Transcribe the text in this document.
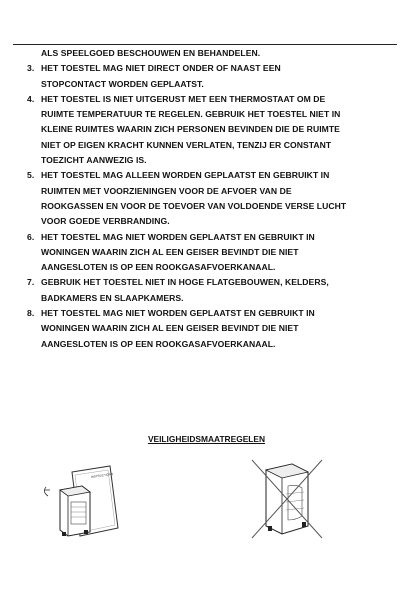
ALS SPEELGOED BESCHOUWEN EN BEHANDELEN.
3. HET TOESTEL MAG NIET DIRECT ONDER OF NAAST EEN
STOPCONTACT WORDEN GEPLAATST.
4. HET TOESTEL IS NIET UITGERUST MET EEN THERMOSTAAT OM DE
RUIMTE TEMPERATUUR TE REGELEN. GEBRUIK HET TOESTEL NIET IN
KLEINE RUIMTES WAARIN ZICH PERSONEN BEVINDEN DIE DE RUIMTE
NIET OP EIGEN KRACHT KUNNEN VERLATEN, TENZIJ ER CONSTANT
TOEZICHT AANWEZIG IS.
5. HET TOESTEL MAG ALLEEN WORDEN GEPLAATST EN GEBRUIKT IN
RUIMTEN MET VOORZIENINGEN VOOR DE AFVOER VAN DE
ROOKGASSEN EN VOOR DE TOEVOER VAN VOLDOENDE VERSE LUCHT
VOOR GOEDE VERBRANDING.
6. HET TOESTEL MAG NIET WORDEN GEPLAATST EN GEBRUIKT IN
WONINGEN WAARIN ZICH AL EEN GEISER BEVINDT DIE NIET
AANGESLOTEN IS OP EEN ROOKGASAFVOERKANAAL.
7. GEBRUIK HET TOESTEL NIET IN HOGE FLATGEBOUWEN, KELDERS,
BADKAMERS EN SLAAPKAMERS.
8. HET TOESTEL MAG NIET WORDEN GEPLAATST EN GEBRUIKT IN
WONINGEN WAARIN ZICH AL EEN GEISER BEVINDT DIE NIET
AANGESLOTEN IS OP EEN ROOKGASAFVOERKANAAL.
VEILIGHEIDSMAATREGELEN
INSTRUCTIONS
